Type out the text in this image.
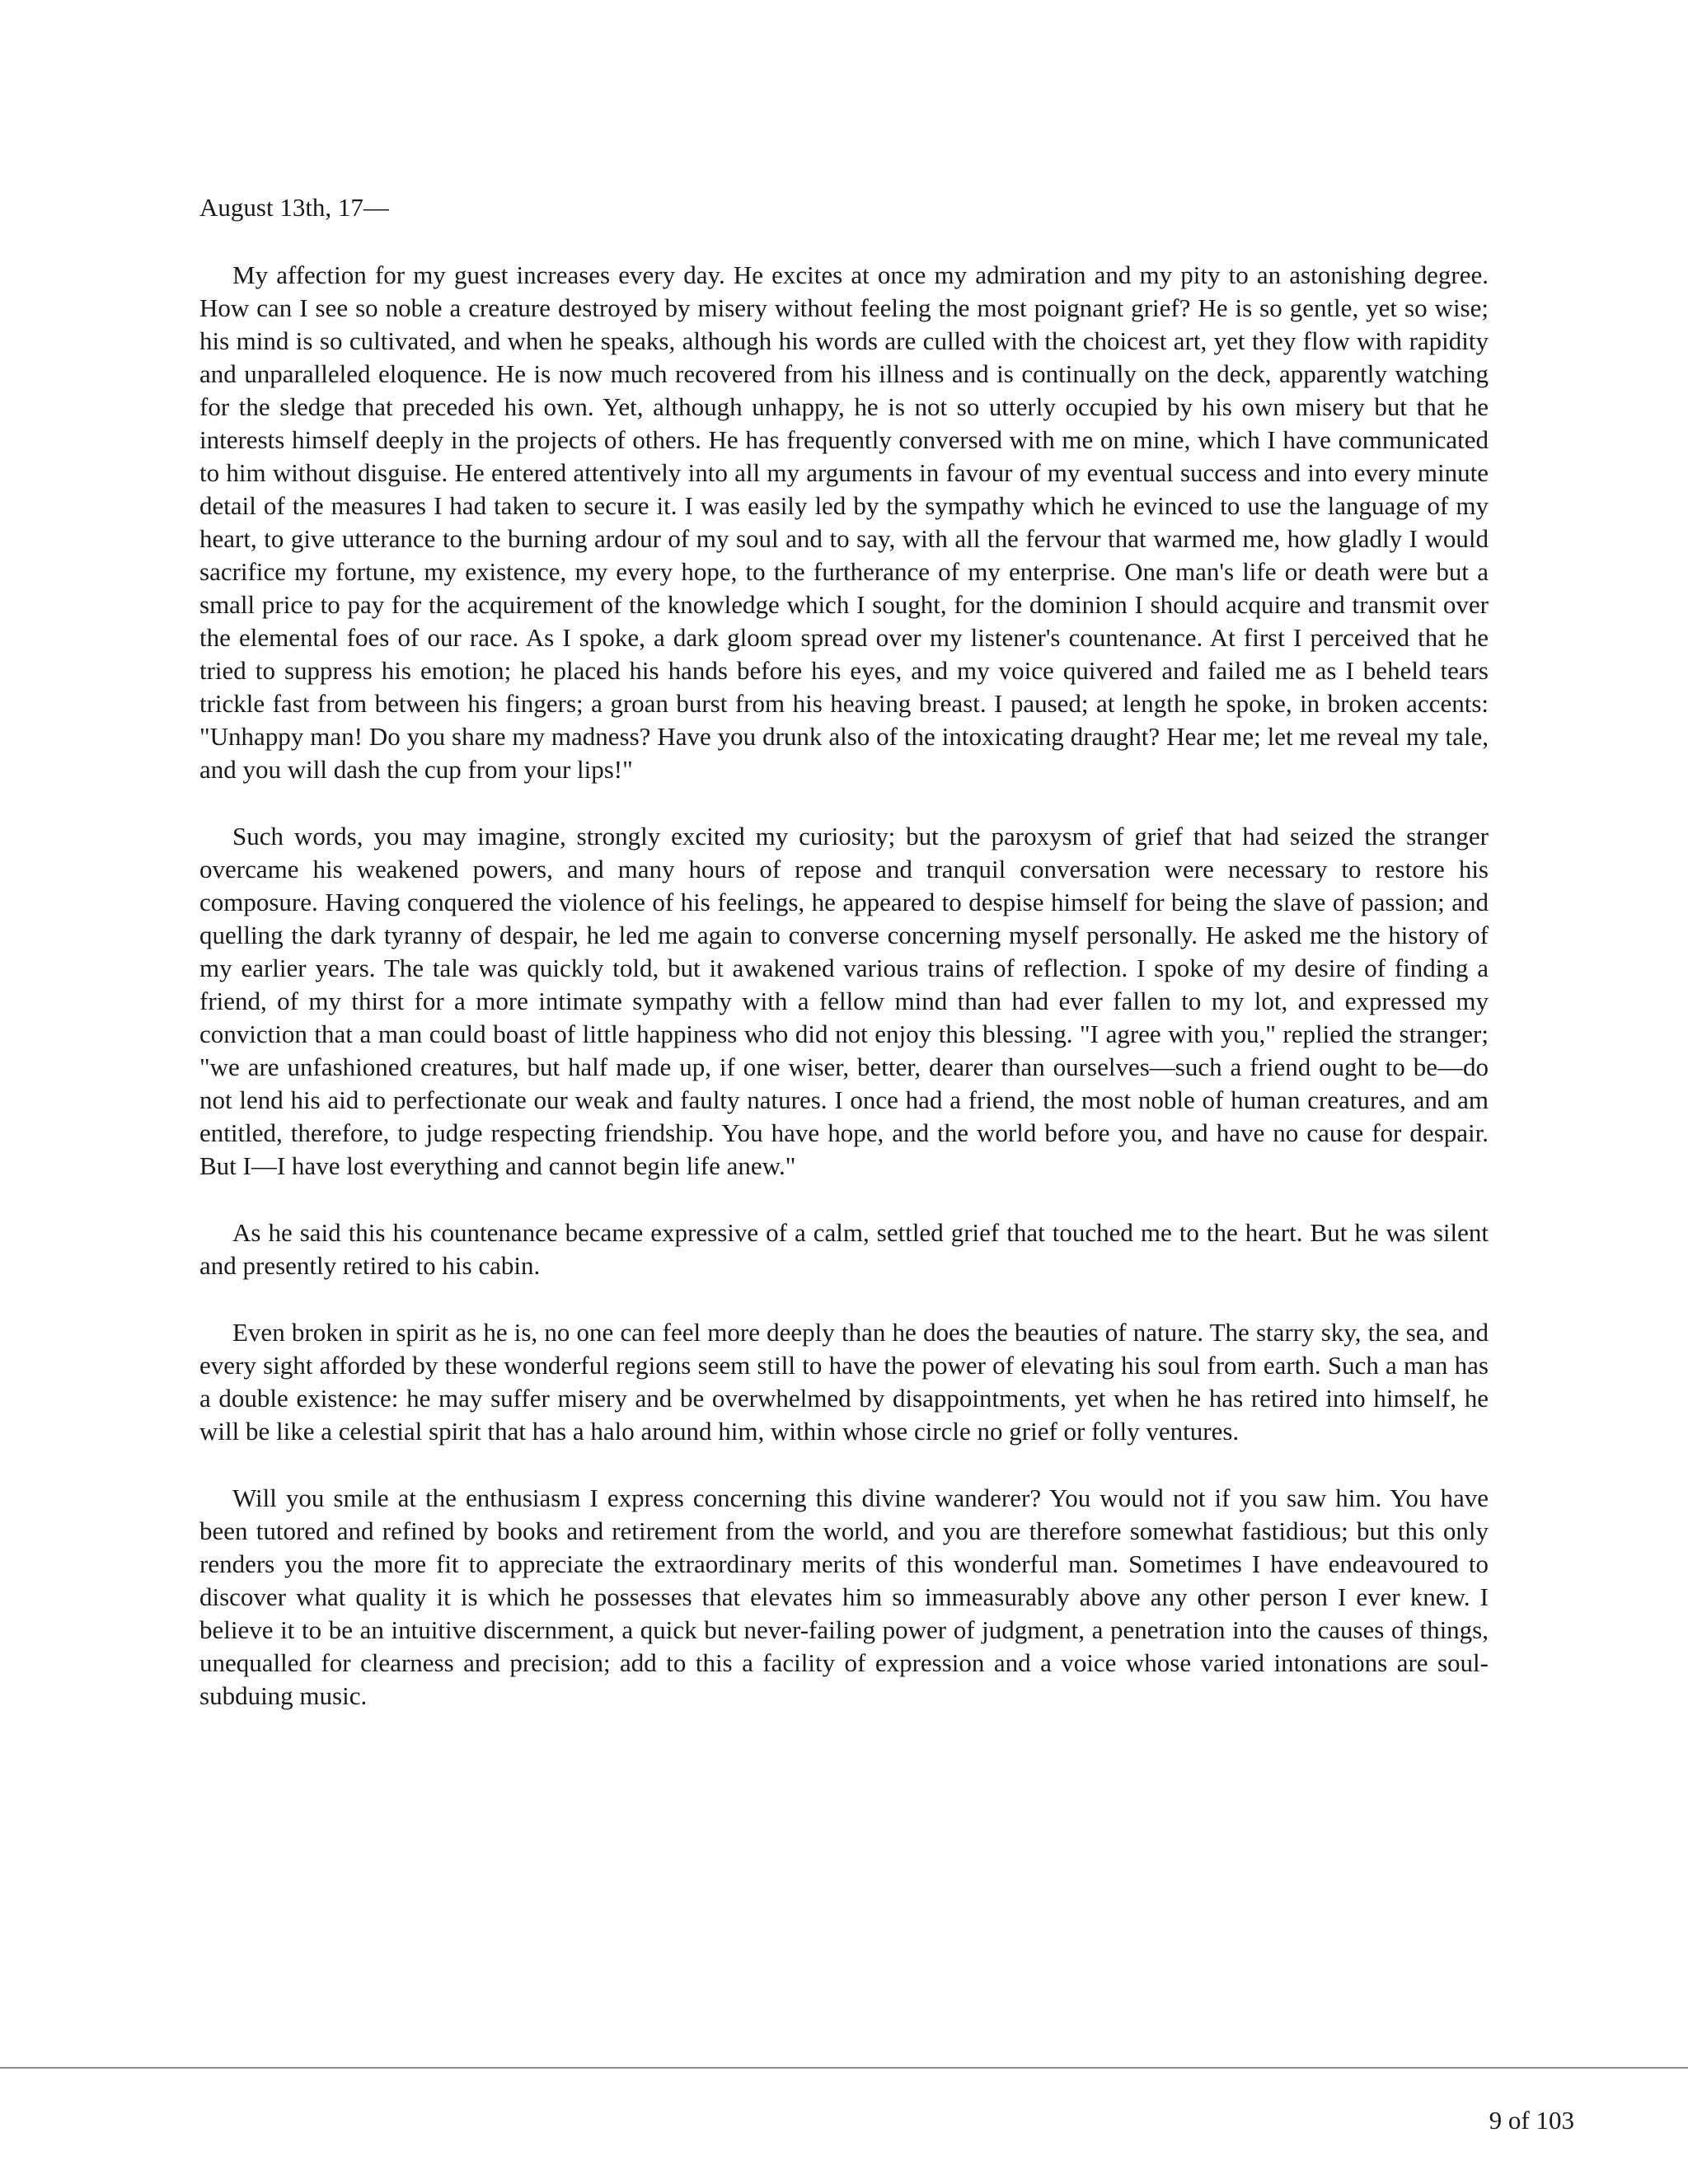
August 13th, 17—

My affection for my guest increases every day. He excites at once my admiration and my pity to an astonishing degree. How can I see so noble a creature destroyed by misery without feeling the most poignant grief? He is so gentle, yet so wise; his mind is so cultivated, and when he speaks, although his words are culled with the choicest art, yet they flow with rapidity and unparalleled eloquence. He is now much recovered from his illness and is continually on the deck, apparently watching for the sledge that preceded his own. Yet, although unhappy, he is not so utterly occupied by his own misery but that he interests himself deeply in the projects of others. He has frequently conversed with me on mine, which I have communicated to him without disguise. He entered attentively into all my arguments in favour of my eventual success and into every minute detail of the measures I had taken to secure it. I was easily led by the sympathy which he evinced to use the language of my heart, to give utterance to the burning ardour of my soul and to say, with all the fervour that warmed me, how gladly I would sacrifice my fortune, my existence, my every hope, to the furtherance of my enterprise. One man's life or death were but a small price to pay for the acquirement of the knowledge which I sought, for the dominion I should acquire and transmit over the elemental foes of our race. As I spoke, a dark gloom spread over my listener's countenance. At first I perceived that he tried to suppress his emotion; he placed his hands before his eyes, and my voice quivered and failed me as I beheld tears trickle fast from between his fingers; a groan burst from his heaving breast. I paused; at length he spoke, in broken accents: "Unhappy man! Do you share my madness? Have you drunk also of the intoxicating draught? Hear me; let me reveal my tale, and you will dash the cup from your lips!"

Such words, you may imagine, strongly excited my curiosity; but the paroxysm of grief that had seized the stranger overcame his weakened powers, and many hours of repose and tranquil conversation were necessary to restore his composure. Having conquered the violence of his feelings, he appeared to despise himself for being the slave of passion; and quelling the dark tyranny of despair, he led me again to converse concerning myself personally. He asked me the history of my earlier years. The tale was quickly told, but it awakened various trains of reflection. I spoke of my desire of finding a friend, of my thirst for a more intimate sympathy with a fellow mind than had ever fallen to my lot, and expressed my conviction that a man could boast of little happiness who did not enjoy this blessing. "I agree with you," replied the stranger; "we are unfashioned creatures, but half made up, if one wiser, better, dearer than ourselves—such a friend ought to be—do not lend his aid to perfectionate our weak and faulty natures. I once had a friend, the most noble of human creatures, and am entitled, therefore, to judge respecting friendship. You have hope, and the world before you, and have no cause for despair. But I—I have lost everything and cannot begin life anew."

As he said this his countenance became expressive of a calm, settled grief that touched me to the heart. But he was silent and presently retired to his cabin.

Even broken in spirit as he is, no one can feel more deeply than he does the beauties of nature. The starry sky, the sea, and every sight afforded by these wonderful regions seem still to have the power of elevating his soul from earth. Such a man has a double existence: he may suffer misery and be overwhelmed by disappointments, yet when he has retired into himself, he will be like a celestial spirit that has a halo around him, within whose circle no grief or folly ventures.

Will you smile at the enthusiasm I express concerning this divine wanderer? You would not if you saw him. You have been tutored and refined by books and retirement from the world, and you are therefore somewhat fastidious; but this only renders you the more fit to appreciate the extraordinary merits of this wonderful man. Sometimes I have endeavoured to discover what quality it is which he possesses that elevates him so immeasurably above any other person I ever knew. I believe it to be an intuitive discernment, a quick but never-failing power of judgment, a penetration into the causes of things, unequalled for clearness and precision; add to this a facility of expression and a voice whose varied intonations are soul-subduing music.

9 of 103
